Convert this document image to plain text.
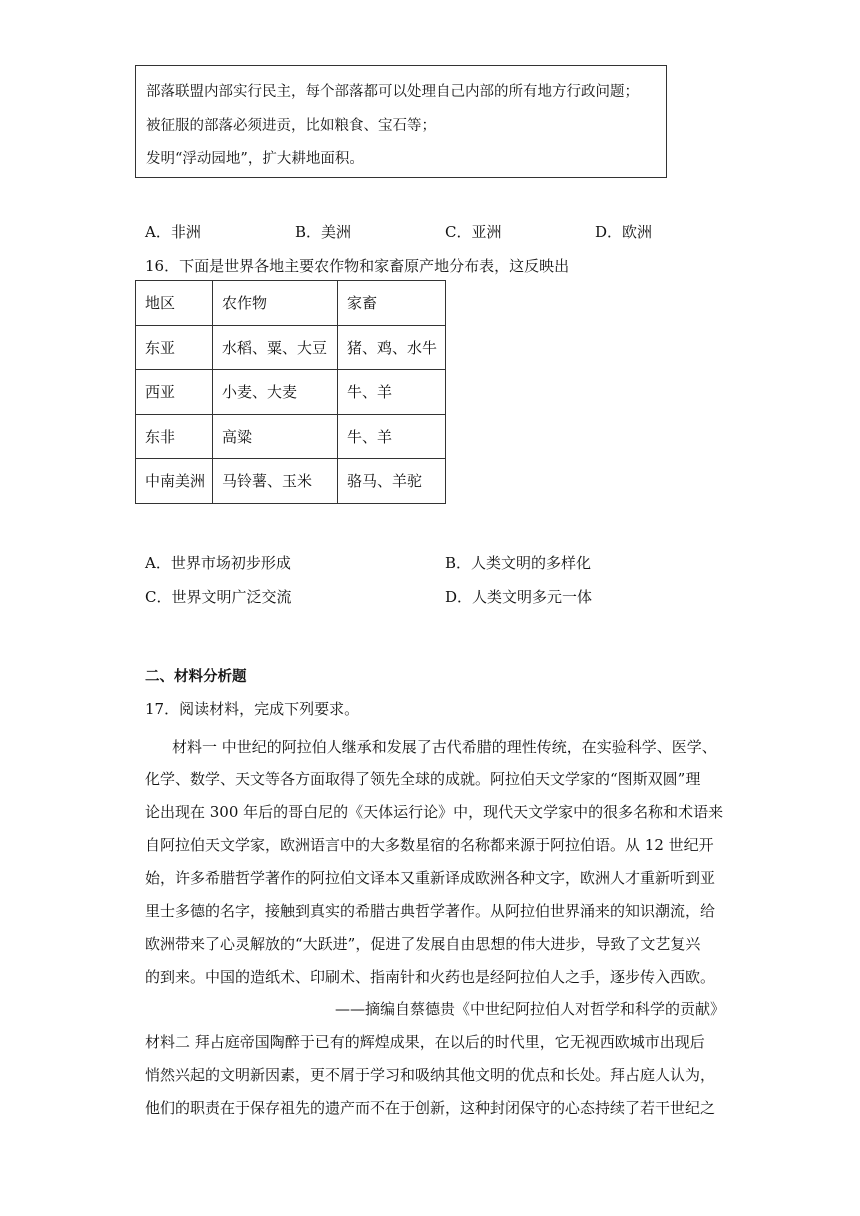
部落联盟内部实行民主，每个部落都可以处理自己内部的所有地方行政问题；
被征服的部落必须进贡，比如粮食、宝石等；
发明“浮动园地”，扩大耕地面积。
A．非洲	B．美洲	C．亚洲	D．欧洲
16．下面是世界各地主要农作物和家畜原产地分布表，这反映出
地区	农作物	家畜
东亚	水稻、粟、大豆	猪、鸡、水牛
西亚	小麦、大麦	牛、羊
东非	高粱	牛、羊
中南美洲	马铃薯、玉米	骆马、羊驼
A．世界市场初步形成	B．人类文明的多样化
C．世界文明广泛交流	D．人类文明多元一体
二、材料分析题
17．阅读材料，完成下列要求。
材料一 中世纪的阿拉伯人继承和发展了古代希腊的理性传统，在实验科学、医学、
化学、数学、天文等各方面取得了领先全球的成就。阿拉伯天文学家的“图斯双圆”理
论出现在 300 年后的哥白尼的《天体运行论》中，现代天文学家中的很多名称和术语来
自阿拉伯天文学家，欧洲语言中的大多数星宿的名称都来源于阿拉伯语。从 12 世纪开
始，许多希腊哲学著作的阿拉伯文译本又重新译成欧洲各种文字，欧洲人才重新听到亚
里士多德的名字，接触到真实的希腊古典哲学著作。从阿拉伯世界涌来的知识潮流，给
欧洲带来了心灵解放的“大跃进”，促进了发展自由思想的伟大进步，导致了文艺复兴
的到来。中国的造纸术、印刷术、指南针和火药也是经阿拉伯人之手，逐步传入西欧。
——摘编自蔡德贵《中世纪阿拉伯人对哲学和科学的贡献》
材料二 拜占庭帝国陶醉于已有的辉煌成果，在以后的时代里，它无视西欧城市出现后
悄然兴起的文明新因素，更不屑于学习和吸纳其他文明的优点和长处。拜占庭人认为，
他们的职责在于保存祖先的遗产而不在于创新，这种封闭保守的心态持续了若干世纪之
